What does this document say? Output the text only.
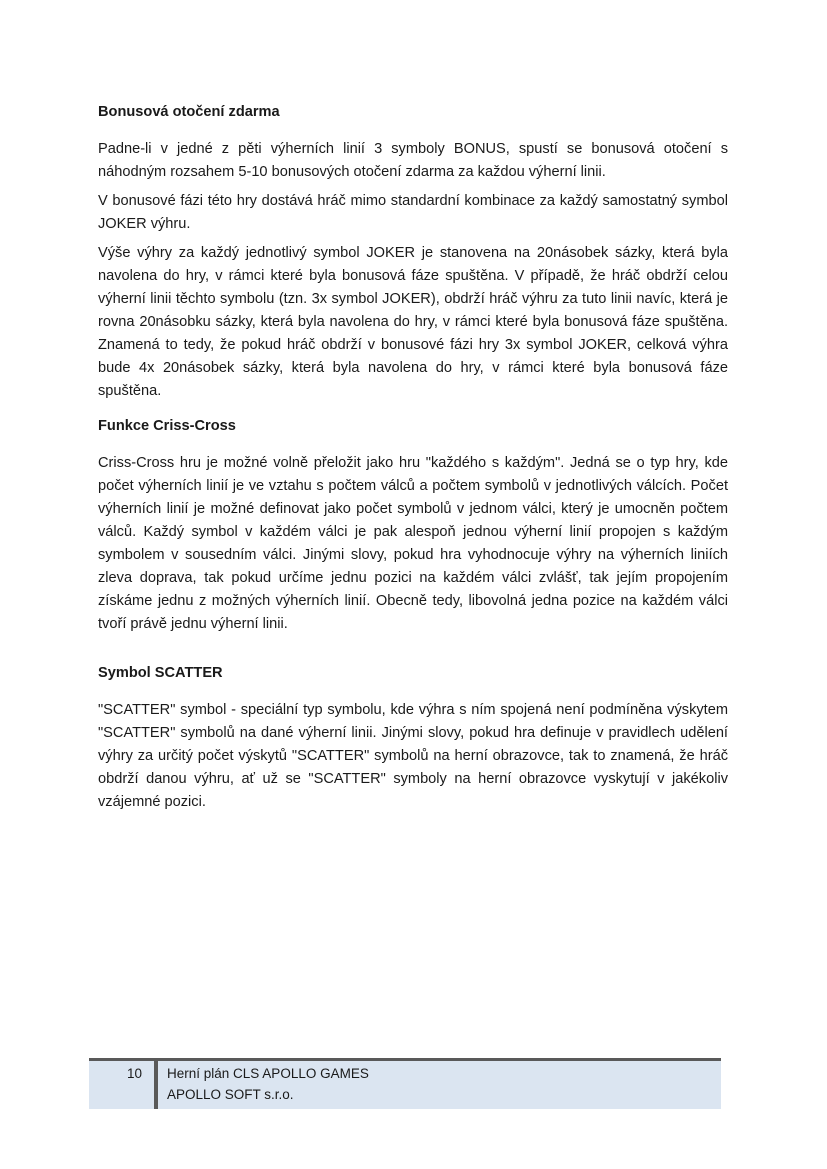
Bonusová otočení zdarma

Padne-li v jedné z pěti výherních linií 3 symboly BONUS, spustí se bonusová otočení s náhodným rozsahem 5-10 bonusových otočení zdarma za každou výherní linii.

V bonusové fázi této hry dostává hráč mimo standardní kombinace za každý samostatný symbol JOKER výhru.

Výše výhry za každý jednotlivý symbol JOKER je stanovena na 20násobek sázky, která byla navolena do hry, v rámci které byla bonusová fáze spuštěna. V případě, že hráč obdrží celou výherní linii těchto symbolu (tzn. 3x symbol JOKER), obdrží hráč výhru za tuto linii navíc, která je rovna 20násobku sázky, která byla navolena do hry, v rámci které byla bonusová fáze spuštěna. Znamená to tedy, že pokud hráč obdrží v bonusové fázi hry 3x symbol JOKER, celková výhra bude 4x 20násobek sázky, která byla navolena do hry, v rámci které byla bonusová fáze spuštěna.

Funkce Criss-Cross

Criss-Cross hru je možné volně přeložit jako hru "každého s každým". Jedná se o typ hry, kde počet výherních linií je ve vztahu s počtem válců a počtem symbolů v jednotlivých válcích. Počet výherních linií je možné definovat jako počet symbolů v jednom válci, který je umocněn počtem válců. Každý symbol v každém válci je pak alespoň jednou výherní linií propojen s každým symbolem v sousedním válci. Jinými slovy, pokud hra vyhodnocuje výhry na výherních liniích zleva doprava, tak pokud určíme jednu pozici na každém válci zvlášť, tak jejím propojením získáme jednu z možných výherních linií. Obecně tedy, libovolná jedna pozice na každém válci tvoří právě jednu výherní linii.

Symbol SCATTER

"SCATTER" symbol - speciální typ symbolu, kde výhra s ním spojená není podmíněna výskytem "SCATTER" symbolů na dané výherní linii. Jinými slovy, pokud hra definuje v pravidlech udělení výhry za určitý počet výskytů "SCATTER" symbolů na herní obrazovce, tak to znamená, že hráč obdrží danou výhru, ať už se "SCATTER" symboly na herní obrazovce vyskytují v jakékoliv vzájemné pozici.

10	Herní plán CLS APOLLO GAMES
APOLLO SOFT s.r.o.
